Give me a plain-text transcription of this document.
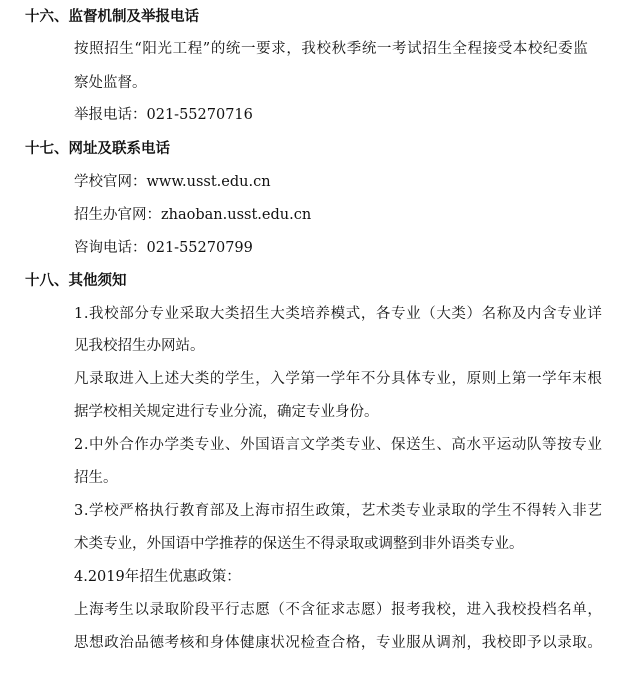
十六、监督机制及举报电话
按照招生“阳光工程”的统一要求，我校秋季统一考试招生全程接受本校纪委监
察处监督。
举报电话：021-55270716
十七、网址及联系电话
学校官网：www.usst.edu.cn
招生办官网：zhaoban.usst.edu.cn
咨询电话：021-55270799
十八、其他须知
1.我校部分专业采取大类招生大类培养模式，各专业（大类）名称及内含专业详
见我校招生办网站。
凡录取进入上述大类的学生，入学第一学年不分具体专业，原则上第一学年末根
据学校相关规定进行专业分流，确定专业身份。
2.中外合作办学类专业、外国语言文学类专业、保送生、高水平运动队等按专业
招生。
3.学校严格执行教育部及上海市招生政策，艺术类专业录取的学生不得转入非艺
术类专业，外国语中学推荐的保送生不得录取或调整到非外语类专业。
4.2019年招生优惠政策：
上海考生以录取阶段平行志愿（不含征求志愿）报考我校，进入我校投档名单，
思想政治品德考核和身体健康状况检查合格，专业服从调剂，我校即予以录取。
